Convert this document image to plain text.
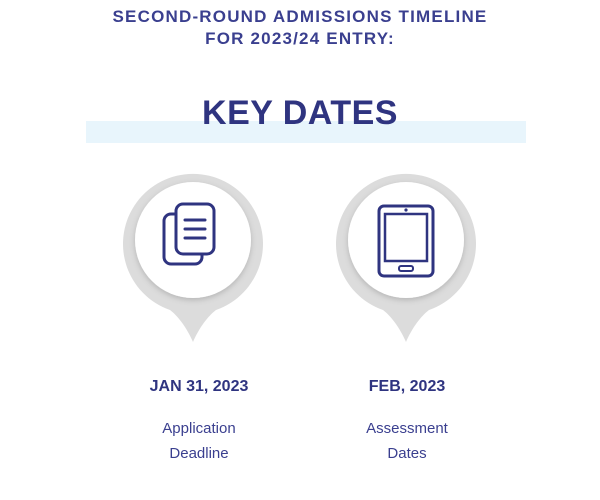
SECOND-ROUND ADMISSIONS TIMELINE
FOR 2023/24 ENTRY:
KEY DATES
JAN 31, 2023
Application
Deadline
FEB, 2023
Assessment
Dates
